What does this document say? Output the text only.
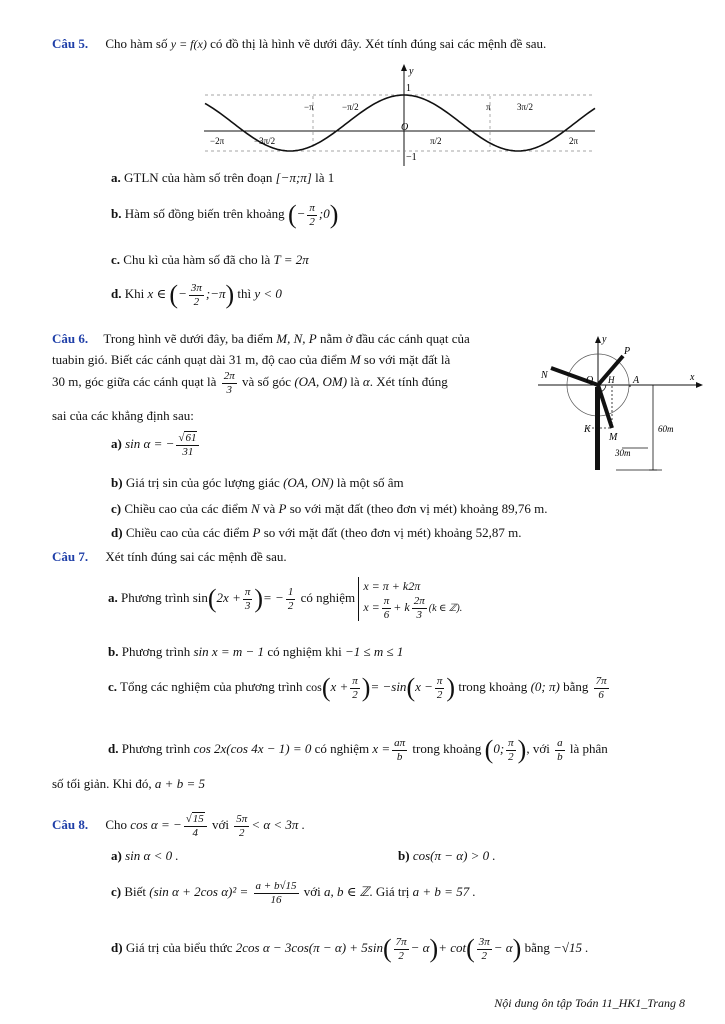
Câu 5. Cho hàm số y = f(x) có đồ thị là hình vẽ dưới đây. Xét tính đúng sai các mệnh đề sau.
y
1
−1
O
−π	−π/2	π	3π/2
−2π	−3π/2	π/2	2π
a. GTLN của hàm số trên đoạn [−π;π] là 1
b. Hàm số đồng biến trên khoảng (− $\frac{\pi}{2}$ ;0)
c. Chu kì của hàm số đã cho là T = 2π
d. Khi x ∈ (− $\frac{3\pi}{2}$ ;−π) thì y < 0
Câu 6. Trong hình vẽ dưới đây, ba điểm M, N, P nằm ở đầu các cánh quạt của
tuabin gió. Biết các cánh quạt dài 31 m, độ cao của điểm M so với mặt đất là
30 m, góc giữa các cánh quạt là $\frac{2\pi}{3}$ và số góc (OA, OM) là α. Xét tính đúng
sai của các khẳng định sau:
a) sin α = − $\frac{√61}{31}$
b) Giá trị sin của góc lượng giác (OA, ON) là một số âm
c) Chiều cao của các điểm N và P so với mặt đất (theo đơn vị mét) khoảng 89,76 m.
d) Chiều cao của các điểm P so với mặt đất (theo đơn vị mét) khoảng 52,87 m.
y
x
P
N	O H A
K
M
60m
30m
Câu 7. Xét tính đúng sai các mệnh đề sau.
a. Phương trình $\sin(2x + \frac{\pi}{3}$ )= − $\frac{1}{2}$ có nghiệm
x = π + k2π
$x = \frac{\pi}{6} + k \frac{2\pi}{3} (k$ ∈ ℤ).
b. Phương trình sin x = m − 1 có nghiệm khi −1 ≤ m ≤ 1
c. Tổng các nghiệm của phương trình $\cos(x + \frac{\pi}{2}$ )= $-\sin(x - \frac{\pi}{2}$ ) trong khoảng (0; π) bằng $\frac{7\pi}{6}$
d. Phương trình cos 2x(cos 4x − 1) = 0 có nghiệm $x = \frac{a\pi}{b}$ trong khoảng (0; $\frac{\pi}{2}$ ), với $\frac{a}{b}$ là phân
số tối giản. Khi đó, a + b = 5
Câu 8. Cho cos α = − $\frac{√15}{4}$ với $\frac{5\pi}{2} < \alpha < 3\pi$ .
a) sin α < 0 .	b) cos(π − α) > 0 .
c) Biết (sin α + 2cos $\alpha)^2 = \frac{a + b√15}{16}$ với a, b ∈ ℤ. Giá trị a + b = 57 .
d) Giá trị của biểu thức 2cos $\alpha - 3\cos(\pi - \alpha) + 5\sin( \frac{7\pi}{2} - \alpha)+ \cot( \frac{3\pi}{2} - \alpha)$ bằng −√15 .
Nội dung ôn tập Toán 11_HK1_Trang 8
